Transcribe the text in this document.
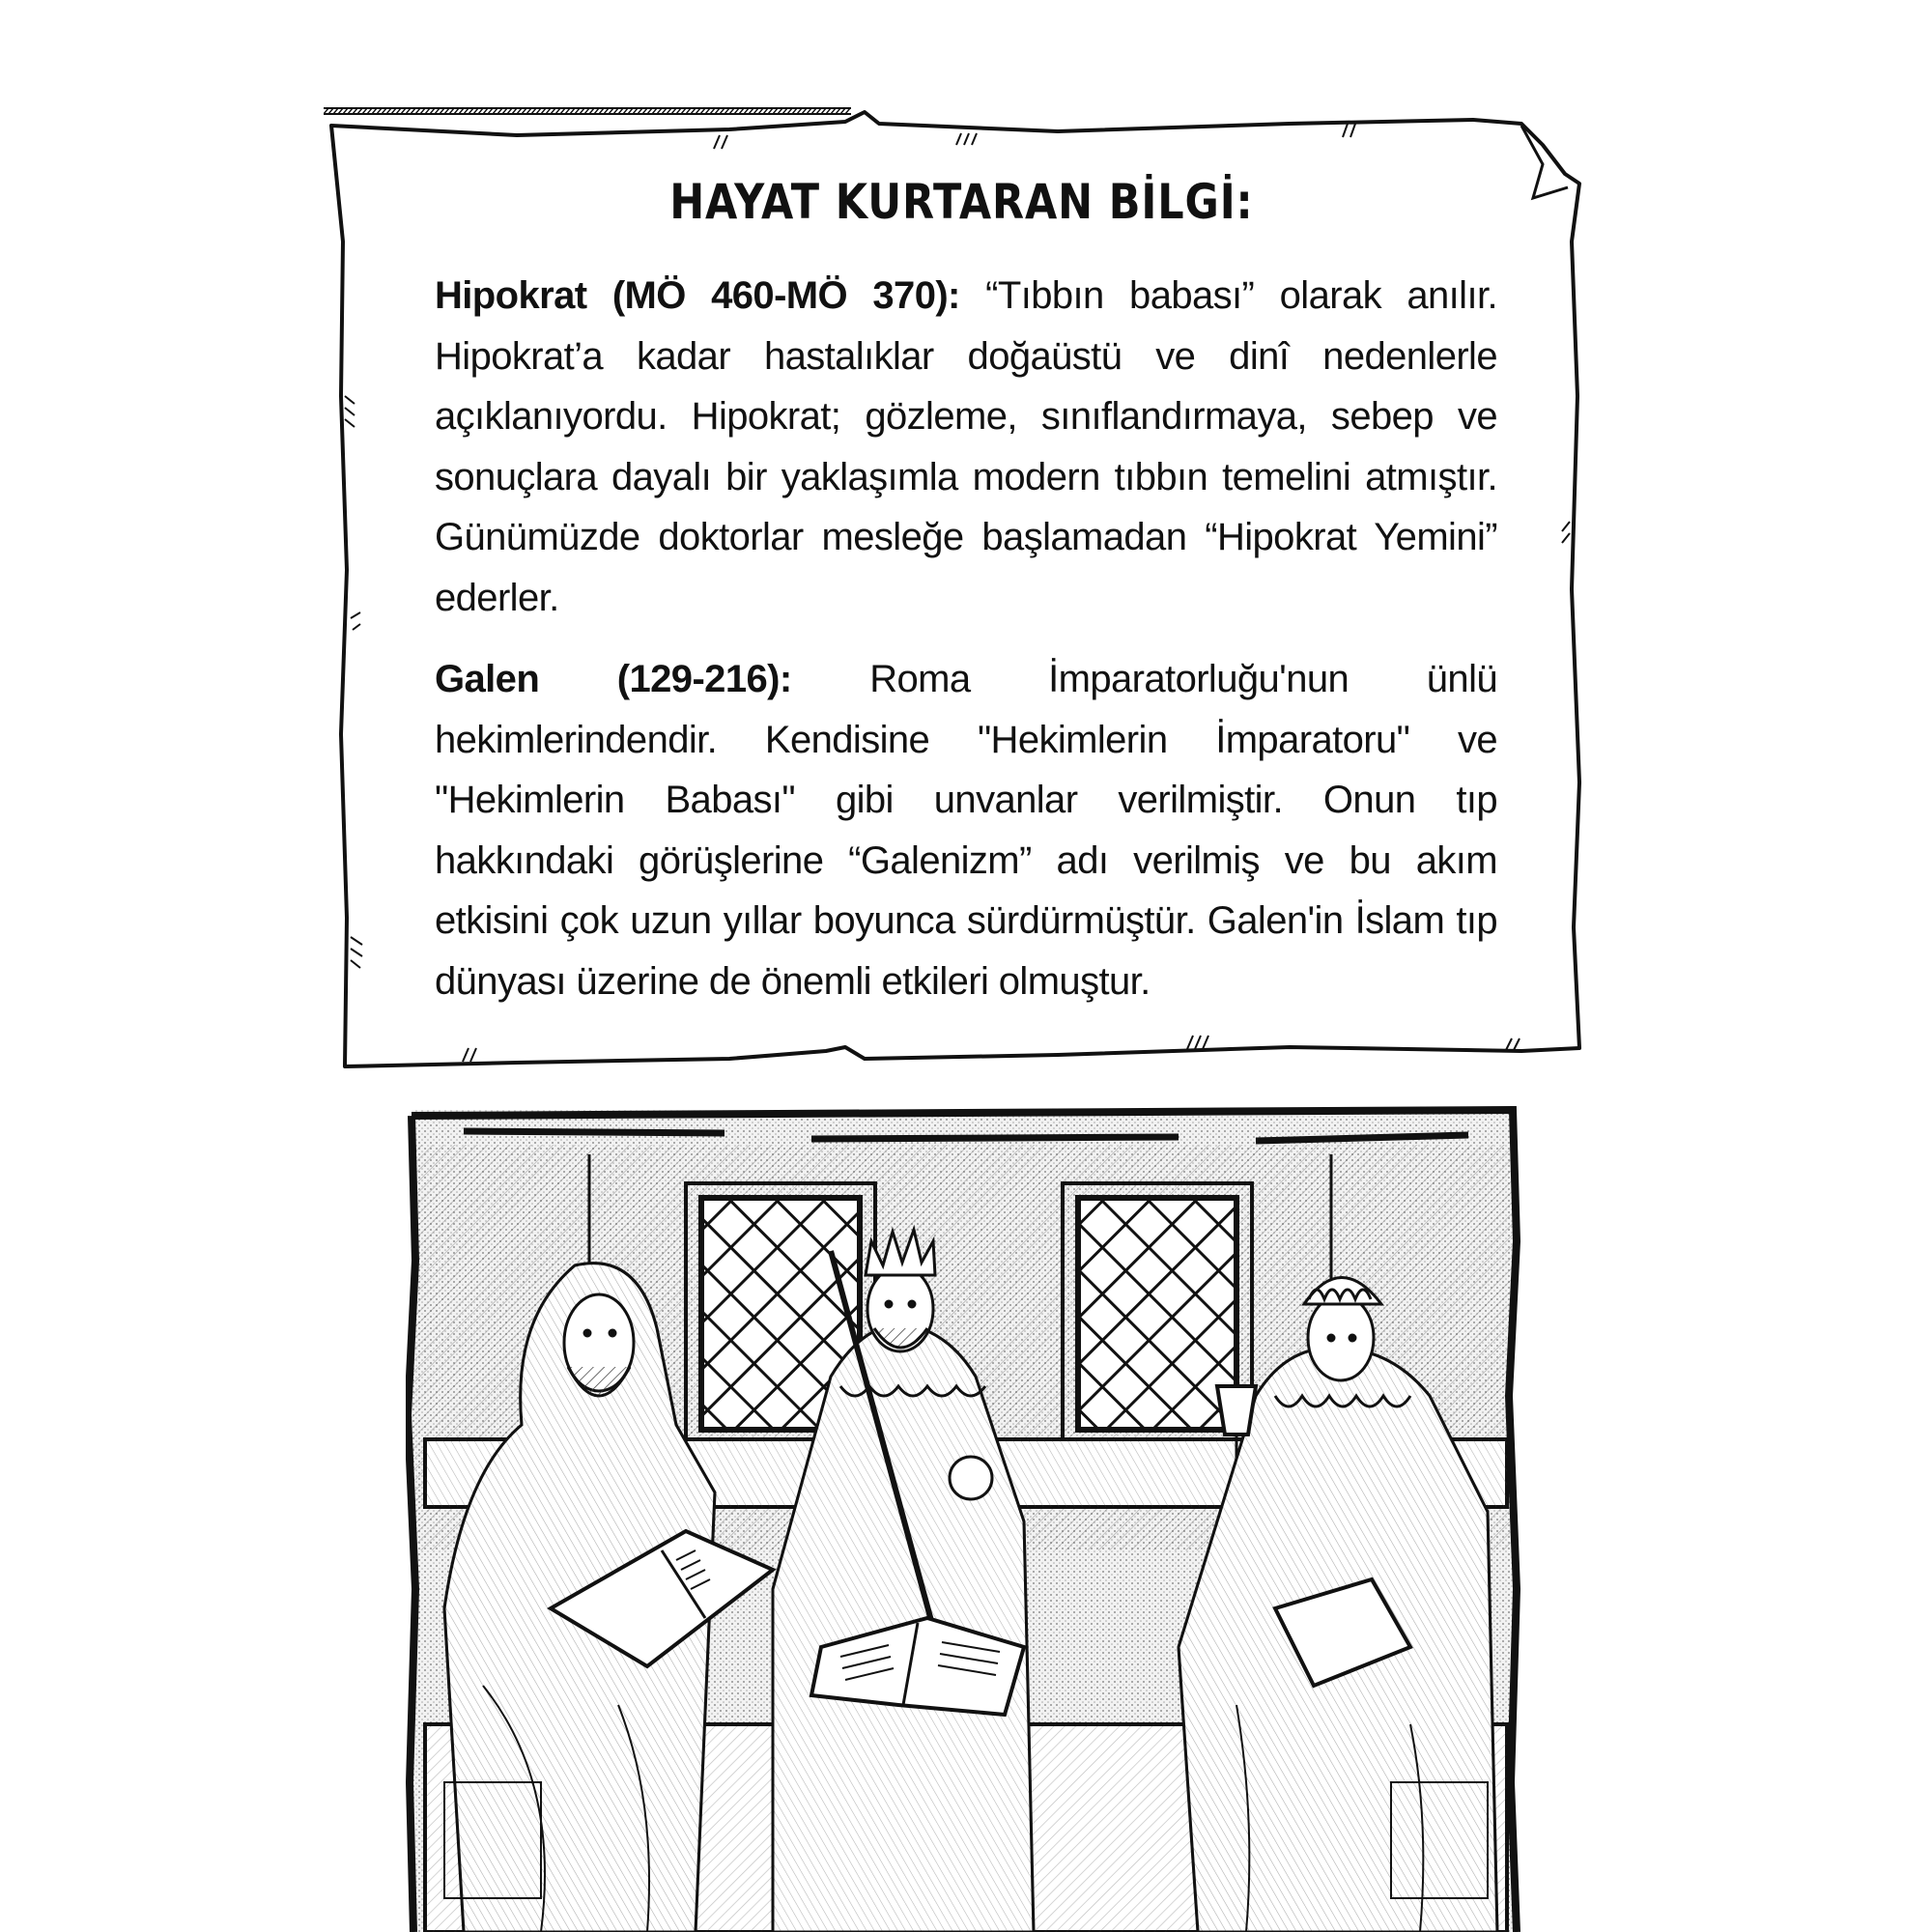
HAYAT KURTARAN BİLGİ:

Hipokrat (MÖ 460-MÖ 370): “Tıbbın babası” olarak anılır. Hipokrat’a kadar hastalıklar doğaüstü ve dinî nedenlerle açıklanıyordu. Hipokrat; gözleme, sınıflandırmaya, sebep ve sonuçlara dayalı bir yaklaşımla modern tıbbın temelini atmıştır. Günümüzde doktorlar mesleğe başlamadan “Hipokrat Yemini” ederler.

Galen (129-216): Roma İmparatorluğu'nun ünlü hekimlerindendir. Kendisine "Hekimlerin İmparatoru" ve "Hekimlerin Babası" gibi unvanlar verilmiştir. Onun tıp hakkındaki görüşlerine “Galenizm” adı verilmiş ve bu akım etkisini çok uzun yıllar boyunca sürdürmüştür. Galen'in İslam tıp dünyası üzerine de önemli etkileri olmuştur.
